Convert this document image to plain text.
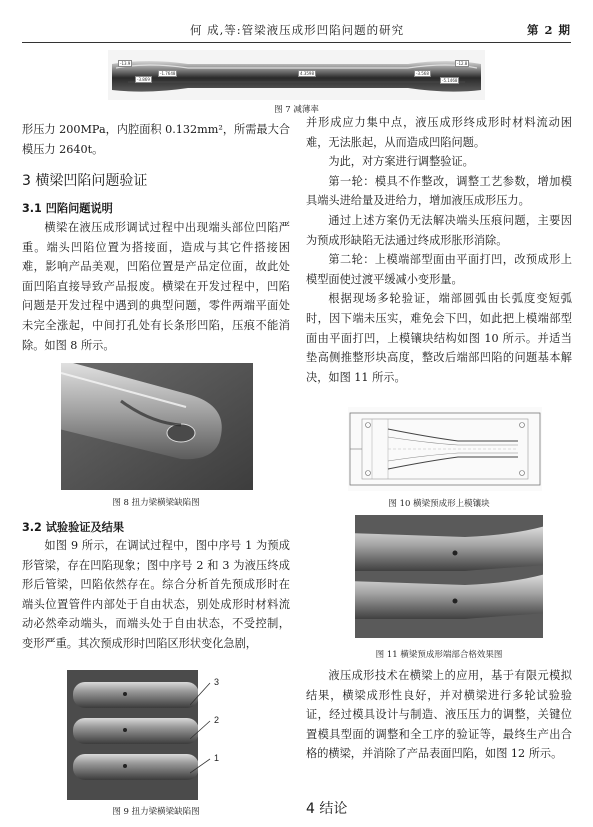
何 成,等:管梁液压成形凹陷问题的研究	第 2 期
-13.9
-3.869
-1.7648	4.3598	-3.568
-5.1468
-12.8
图 7 减薄率

形压力 200MPa，内腔面积 0.132mm²，所需最大合模压力 2640t。

3 横梁凹陷问题验证
3.1 凹陷问题说明

横梁在液压成形调试过程中出现端头部位凹陷严重。端头凹陷位置为搭接面，造成与其它件搭接困难，影响产品美观，凹陷位置是产品定位面，故此处面凹陷直接导致产品报废。横梁在开发过程中，凹陷问题是开发过程中遇到的典型问题，零件两端平面处未完全涨起，中间打孔处有长条形凹陷，压痕不能消除。如图 8 所示。

图 8 扭力梁横梁缺陷图
3.2 试验验证及结果

如图 9 所示，在调试过程中，图中序号 1 为预成形管梁，存在凹陷现象；图中序号 2 和 3 为液压终成形后管梁，凹陷依然存在。综合分析首先预成形时在端头位置管件内部处于自由状态，别处成形时材料流动必然牵动端头，而端头处于自由状态，不受控制，变形严重。其次预成形时凹陷区形状变化急剧，

3
2
1
图 9 扭力梁横梁缺陷图

并形成应力集中点，液压成形终成形时材料流动困难，无法胀起，从而造成凹陷问题。

为此，对方案进行调整验证。

第一轮：模具不作整改，调整工艺参数，增加模具端头进给量及进给力，增加液压成形压力。

通过上述方案仍无法解决端头压痕问题，主要因为预成形缺陷无法通过终成形胀形消除。

第二轮：上模端部型面由平面打凹，改预成形上模型面使过渡平缓减小变形量。

根据现场多轮验证，端部圆弧由长弧度变短弧时，因下端未压实，难免会下凹，如此把上模端部型面由平面打凹，上模镶块结构如图 10 所示。并适当垫高侧推整形块高度，整改后端部凹陷的问题基本解决，如图 11 所示。

图 10 横梁预成形上模镶块
图 11 横梁预成形端部合格效果图

液压成形技术在横梁上的应用，基于有限元模拟结果，横梁成形性良好，并对横梁进行多轮试验验证，经过模具设计与制造、液压压力的调整，关键位置模具型面的调整和全工序的验证等，最终生产出合格的横梁，并消除了产品表面凹陷，如图 12 所示。

4 结论
